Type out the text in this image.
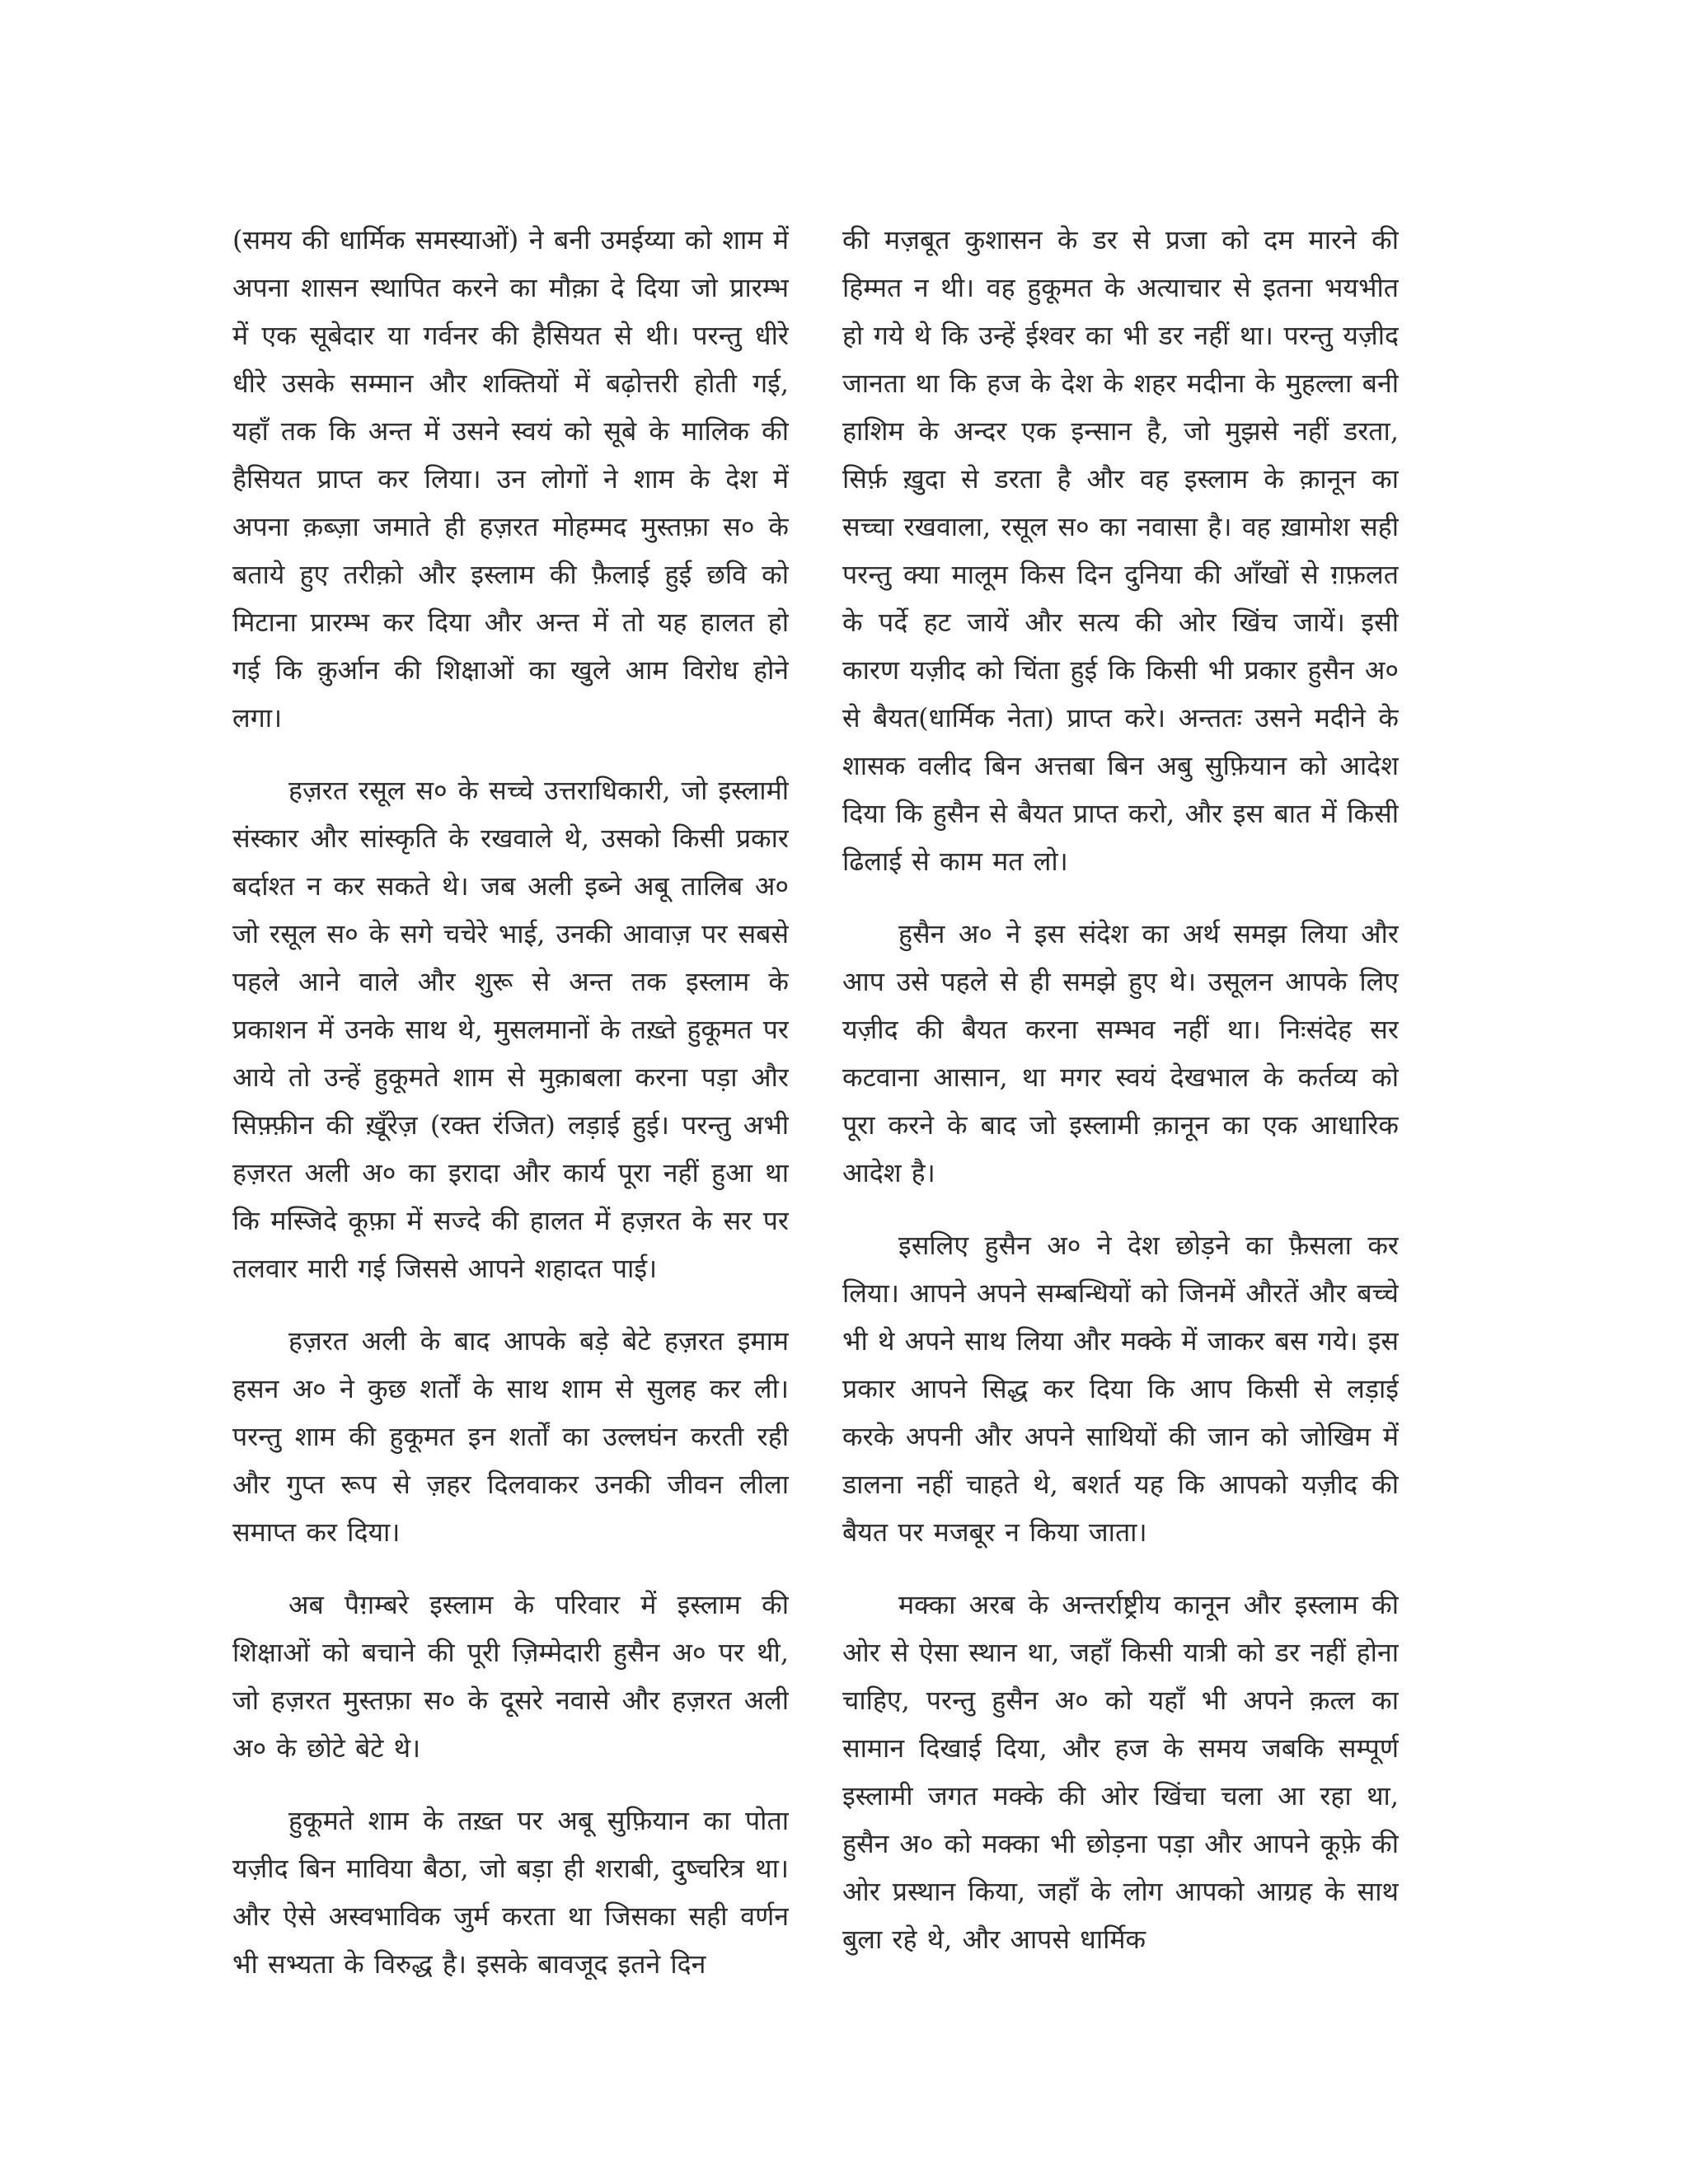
(समय की धार्मिक समस्याओं) ने बनी उमईय्या को शाम में अपना शासन स्थापित करने का मौक़ा दे दिया जो प्रारम्भ में एक सूबेदार या गर्वनर की हैसियत से थी। परन्तु धीरे धीरे उसके सम्मान और शक्तियों में बढ़ोत्तरी होती गई, यहाँ तक कि अन्त में उसने स्वयं को सूबे के मालिक की हैसियत प्राप्त कर लिया। उन लोगों ने शाम के देश में अपना क़ब्ज़ा जमाते ही हज़रत मोहम्मद मुस्तफ़ा स० के बताये हुए तरीक़ो और इस्लाम की फ़ैलाई हुई छवि को मिटाना प्रारम्भ कर दिया और अन्त में तो यह हालत हो गई कि क़ुर्आन की शिक्षाओं का खुले आम विरोध होने लगा।

हज़रत रसूल स० के सच्चे उत्तराधिकारी, जो इस्लामी संस्कार और सांस्कृति के रखवाले थे, उसको किसी प्रकार बर्दाश्त न कर सकते थे। जब अली इब्ने अबू तालिब अ० जो रसूल स० के सगे चचेरे भाई, उनकी आवाज़ पर सबसे पहले आने वाले और शुरू से अन्त तक इस्लाम के प्रकाशन में उनके साथ थे, मुसलमानों के तख़्ते हुकूमत पर आये तो उन्हें हुकूमते शाम से मुक़ाबला करना पड़ा और सिफ़्फ़ीन की ख़ूँरेज़ (रक्त रंजित) लड़ाई हुई। परन्तु अभी हज़रत अली अ० का इरादा और कार्य पूरा नहीं हुआ था कि मस्जिदे कूफ़ा में सज्दे की हालत में हज़रत के सर पर तलवार मारी गई जिससे आपने शहादत पाई।

हज़रत अली के बाद आपके बड़े बेटे हज़रत इमाम हसन अ० ने कुछ शर्तों के साथ शाम से सुलह कर ली। परन्तु शाम की हुकूमत इन शर्तों का उल्लघंन करती रही और गुप्त रूप से ज़हर दिलवाकर उनकी जीवन लीला समाप्त कर दिया।

अब पैग़म्बरे इस्लाम के परिवार में इस्लाम की शिक्षाओं को बचाने की पूरी ज़िम्मेदारी हुसैन अ० पर थी, जो हज़रत मुस्तफ़ा स० के दूसरे नवासे और हज़रत अली अ० के छोटे बेटे थे।

हुकूमते शाम के तख़्त पर अबू सुफ़ियान का पोता यज़ीद बिन माविया बैठा, जो बड़ा ही शराबी, दुष्चरित्र था। और ऐसे अस्वभाविक जुर्म करता था जिसका सही वर्णन भी सभ्यता के विरुद्ध है। इसके बावजूद इतने दिन

की मज़बूत कुशासन के डर से प्रजा को दम मारने की हिम्मत न थी। वह हुकूमत के अत्याचार से इतना भयभीत हो गये थे कि उन्हें ईश्वर का भी डर नहीं था। परन्तु यज़ीद जानता था कि हज के देश के शहर मदीना के मुहल्ला बनी हाशिम के अन्दर एक इन्सान है, जो मुझसे नहीं डरता, सिर्फ़ ख़ुदा से डरता है और वह इस्लाम के क़ानून का सच्चा रखवाला, रसूल स० का नवासा है। वह ख़ामोश सही परन्तु क्या मालूम किस दिन दुनिया की आँखों से ग़फ़लत के पर्दे हट जायें और सत्य की ओर खिंच जायें। इसी कारण यज़ीद को चिंता हुई कि किसी भी प्रकार हुसैन अ० से बैयत(धार्मिक नेता) प्राप्त करे। अन्ततः उसने मदीने के शासक वलीद बिन अत्तबा बिन अबु सुफ़ियान को आदेश दिया कि हुसैन से बैयत प्राप्त करो, और इस बात में किसी ढिलाई से काम मत लो।

हुसैन अ० ने इस संदेश का अर्थ समझ लिया और आप उसे पहले से ही समझे हुए थे। उसूलन आपके लिए यज़ीद की बैयत करना सम्भव नहीं था। निःसंदेह सर कटवाना आसान, था मगर स्वयं देखभाल के कर्तव्य को पूरा करने के बाद जो इस्लामी क़ानून का एक आधारिक आदेश है।

इसलिए हुसैन अ० ने देश छोड़ने का फ़ैसला कर लिया। आपने अपने सम्बन्धियों को जिनमें औरतें और बच्चे भी थे अपने साथ लिया और मक्के में जाकर बस गये। इस प्रकार आपने सिद्ध कर दिया कि आप किसी से लड़ाई करके अपनी और अपने साथियों की जान को जोखिम में डालना नहीं चाहते थे, बशर्त यह कि आपको यज़ीद की बैयत पर मजबूर न किया जाता।

मक्का अरब के अन्तर्राष्ट्रीय कानून और इस्लाम की ओर से ऐसा स्थान था, जहाँ किसी यात्री को डर नहीं होना चाहिए, परन्तु हुसैन अ० को यहाँ भी अपने क़त्ल का सामान दिखाई दिया, और हज के समय जबकि सम्पूर्ण इस्लामी जगत मक्के की ओर खिंचा चला आ रहा था, हुसैन अ० को मक्का भी छोड़ना पड़ा और आपने कूफ़े की ओर प्रस्थान किया, जहाँ के लोग आपको आग्रह के साथ बुला रहे थे, और आपसे धार्मिक
